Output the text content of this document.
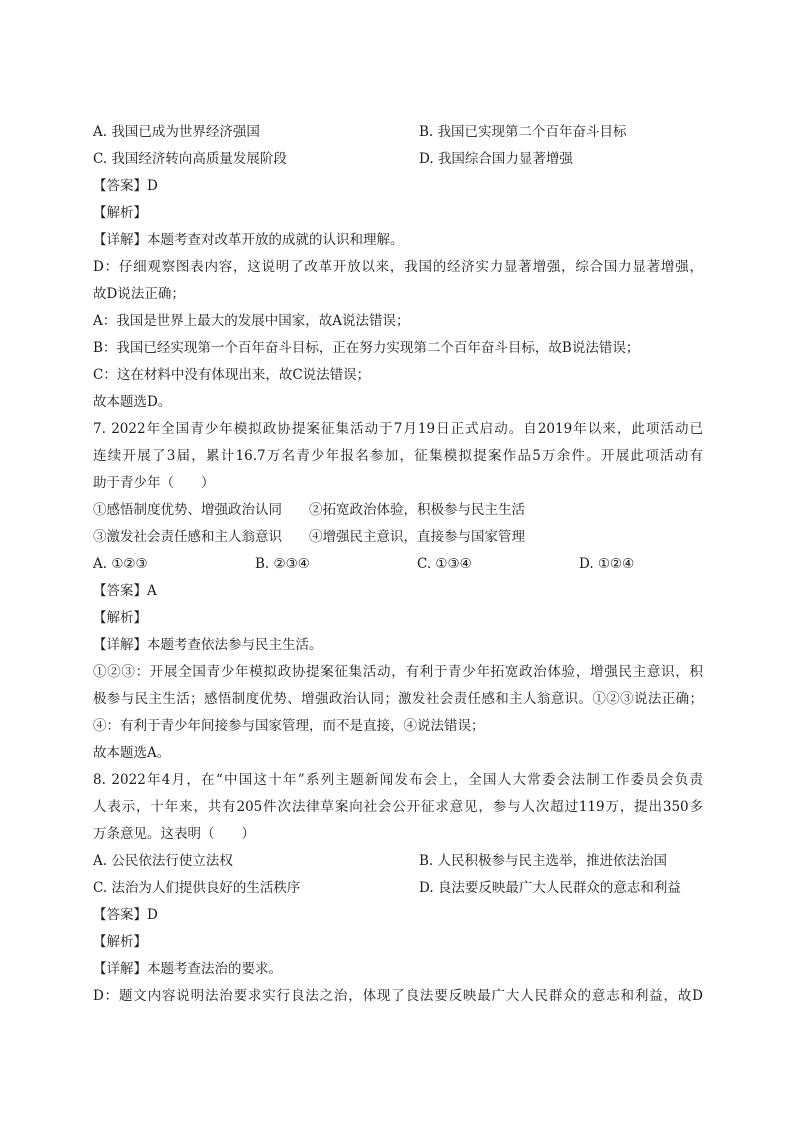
A. 我国已成为世界经济强国	B. 我国已实现第二个百年奋斗目标
C. 我国经济转向高质量发展阶段	D. 我国综合国力显著增强
【答案】D
【解析】
【详解】本题考查对改革开放的成就的认识和理解。
D：仔细观察图表内容，这说明了改革开放以来，我国的经济实力显著增强，综合国力显著增强，
故D说法正确；
A：我国是世界上最大的发展中国家，故A说法错误；
B：我国已经实现第一个百年奋斗目标，正在努力实现第二个百年奋斗目标，故B说法错误；
C：这在材料中没有体现出来，故C说法错误；
故本题选D。
7. 2022年全国青少年模拟政协提案征集活动于7月19日正式启动。自2019年以来，此项活动已
连续开展了3届，累计16.7万名青少年报名参加，征集模拟提案作品5万余件。开展此项活动有
助于青少年（　　）
①感悟制度优势、增强政治认同　　②拓宽政治体验，积极参与民主生活
③激发社会责任感和主人翁意识　　④增强民主意识，直接参与国家管理
A. ①②③	B. ②③④	C. ①③④	D. ①②④
【答案】A
【解析】
【详解】本题考查依法参与民主生活。
①②③：开展全国青少年模拟政协提案征集活动，有利于青少年拓宽政治体验，增强民主意识，积
极参与民主生活；感悟制度优势、增强政治认同；激发社会责任感和主人翁意识。①②③说法正确；
④：有利于青少年间接参与国家管理，而不是直接，④说法错误；
故本题选A。
8. 2022年4月，在“中国这十年”系列主题新闻发布会上，全国人大常委会法制工作委员会负责
人表示，十年来，共有205件次法律草案向社会公开征求意见，参与人次超过119万，提出350多
万条意见。这表明（　　）
A. 公民依法行使立法权	B. 人民积极参与民主选举，推进依法治国
C. 法治为人们提供良好的生活秩序	D. 良法要反映最广大人民群众的意志和利益
【答案】D
【解析】
【详解】本题考查法治的要求。
D：题文内容说明法治要求实行良法之治，体现了良法要反映最广大人民群众的意志和利益，故D
